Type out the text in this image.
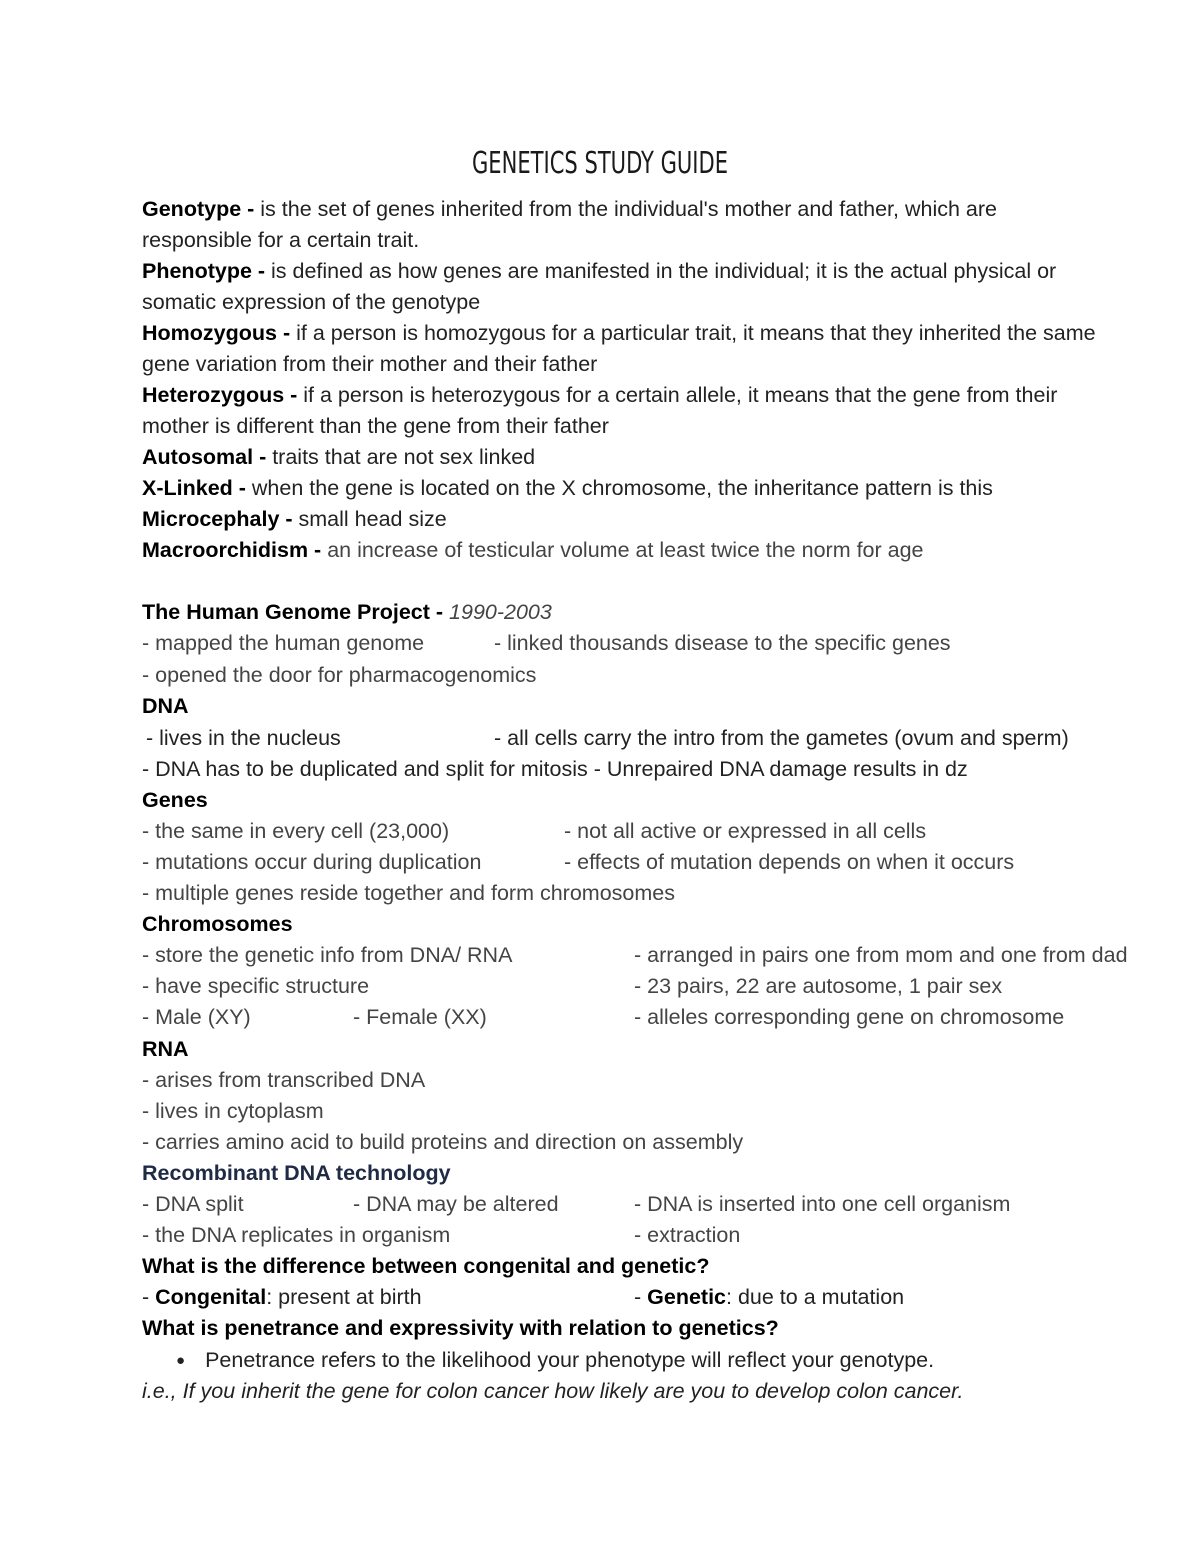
GENETICS STUDY GUIDE
Genotype - is the set of genes inherited from the individual's mother and father, which are
responsible for a certain trait.
Phenotype - is defined as how genes are manifested in the individual; it is the actual physical or
somatic expression of the genotype
Homozygous - if a person is homozygous for a particular trait, it means that they inherited the same
gene variation from their mother and their father
Heterozygous - if a person is heterozygous for a certain allele, it means that the gene from their
mother is different than the gene from their father
Autosomal - traits that are not sex linked
X-Linked - when the gene is located on the X chromosome, the inheritance pattern is this
Microcephaly - small head size
Macroorchidism - an increase of testicular volume at least twice the norm for age
The Human Genome Project - 1990-2003
- mapped the human genome	- linked thousands disease to the specific genes
- opened the door for pharmacogenomics
DNA
- lives in the nucleus	- all cells carry the intro from the gametes (ovum and sperm)
- DNA has to be duplicated and split for mitosis - Unrepaired DNA damage results in dz
Genes
- the same in every cell (23,000)	- not all active or expressed in all cells
- mutations occur during duplication	- effects of mutation depends on when it occurs
- multiple genes reside together and form chromosomes
Chromosomes
- store the genetic info from DNA/ RNA	- arranged in pairs one from mom and one from dad
- have specific structure	- 23 pairs, 22 are autosome, 1 pair sex
- Male (XY)	- Female (XX)	- alleles corresponding gene on chromosome
RNA
- arises from transcribed DNA
- lives in cytoplasm
- carries amino acid to build proteins and direction on assembly
Recombinant DNA technology
- DNA split	- DNA may be altered	- DNA is inserted into one cell organism
- the DNA replicates in organism	- extraction
What is the difference between congenital and genetic?
- Congenital: present at birth	- Genetic: due to a mutation
What is penetrance and expressivity with relation to genetics?
● Penetrance refers to the likelihood your phenotype will reflect your genotype.
i.e., If you inherit the gene for colon cancer how likely are you to develop colon cancer.
